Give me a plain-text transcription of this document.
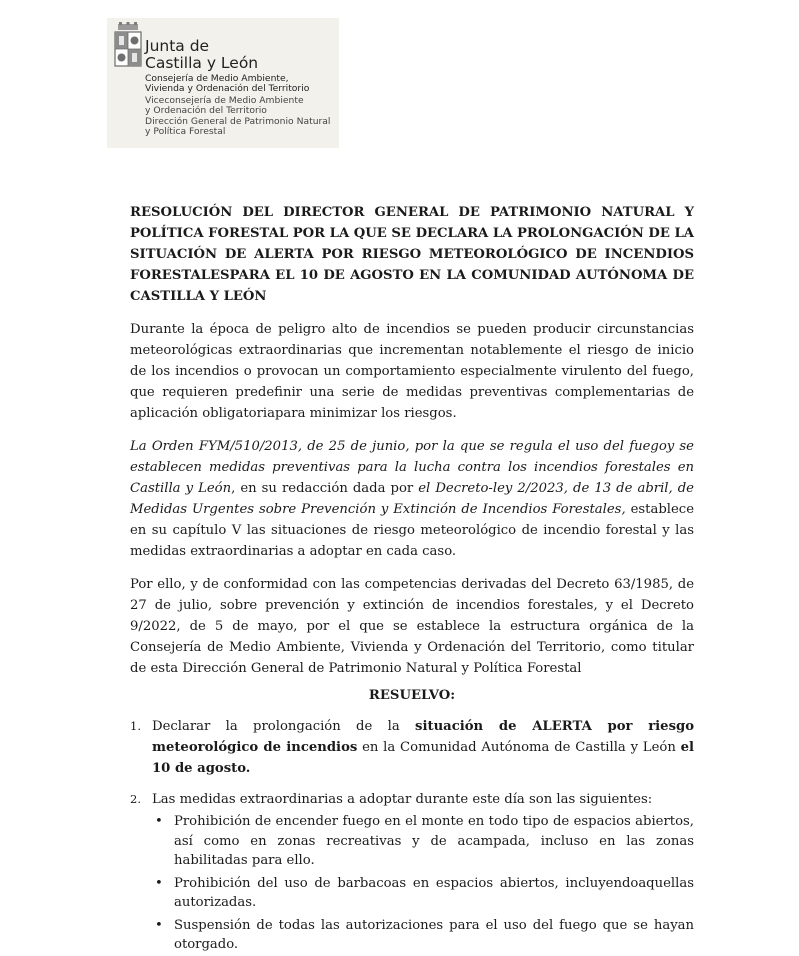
Junta de
Castilla y León
Consejería de Medio Ambiente,
Vivienda y Ordenación del Territorio
Viceconsejería de Medio Ambiente
y Ordenación del Territorio
Dirección General de Patrimonio Natural
y Política Forestal

RESOLUCIÓN DEL DIRECTOR GENERAL DE PATRIMONIO NATURAL Y POLÍTICA FORESTAL POR LA QUE SE DECLARA LA PROLONGACIÓN DE LA SITUACIÓN DE ALERTA POR RIESGO METEOROLÓGICO DE INCENDIOS FORESTALESPARA EL 10 DE AGOSTO EN LA COMUNIDAD AUTÓNOMA DE CASTILLA Y LEÓN

Durante la época de peligro alto de incendios se pueden producir circunstancias meteorológicas extraordinarias que incrementan notablemente el riesgo de inicio de los incendios o provocan un comportamiento especialmente virulento del fuego, que requieren predefinir una serie de medidas preventivas complementarias de aplicación obligatoriapara minimizar los riesgos.

La Orden FYM/510/2013, de 25 de junio, por la que se regula el uso del fuegoy se establecen medidas preventivas para la lucha contra los incendios forestales en Castilla y León, en su redacción dada por el Decreto-ley 2/2023, de 13 de abril, de Medidas Urgentes sobre Prevención y Extinción de Incendios Forestales, establece en su capítulo V las situaciones de riesgo meteorológico de incendio forestal y las medidas extraordinarias a adoptar en cada caso.

Por ello, y de conformidad con las competencias derivadas del Decreto 63/1985, de 27 de julio, sobre prevención y extinción de incendios forestales, y el Decreto 9/2022, de 5 de mayo, por el que se establece la estructura orgánica de la Consejería de Medio Ambiente, Vivienda y Ordenación del Territorio, como titular de esta Dirección General de Patrimonio Natural y Política Forestal

RESUELVO:

1. Declarar la prolongación de la situación de ALERTA por riesgo meteorológico de incendios en la Comunidad Autónoma de Castilla y León el 10 de agosto.
2. Las medidas extraordinarias a adoptar durante este día son las siguientes:
• Prohibición de encender fuego en el monte en todo tipo de espacios abiertos, así como en zonas recreativas y de acampada, incluso en las zonas habilitadas para ello.
• Prohibición del uso de barbacoas en espacios abiertos, incluyendoaquellas autorizadas.
• Suspensión de todas las autorizaciones para el uso del fuego que se hayan otorgado.
